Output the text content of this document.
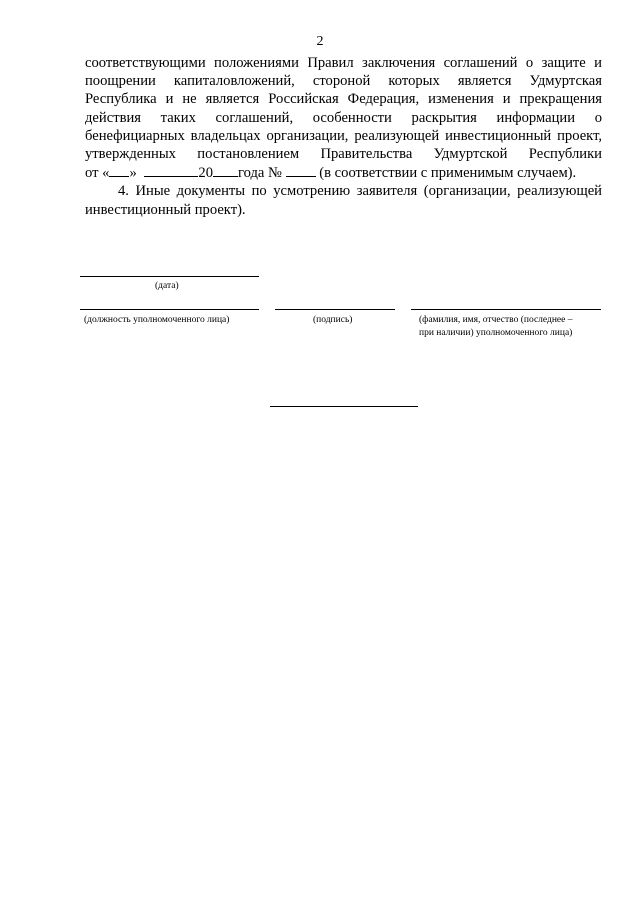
2
соответствующими положениями Правил заключения соглашений о защите и
поощрении капиталовложений, стороной которых является Удмуртская
Республика и не является Российская Федерация, изменения и прекращения
действия таких соглашений, особенности раскрытия информации о
бенефициарных владельцах организации, реализующей инвестиционный проект,
утвержденных постановлением Правительства Удмуртской Республики
от « »	20 года №	(в соответствии с применимым случаем).
4. Иные документы по усмотрению заявителя (организации, реализующей
инвестиционный проект).
(дата)
(должность уполномоченного лица)	(подпись)	(фамилия, имя, отчество (последнее –
при наличии) уполномоченного лица)
